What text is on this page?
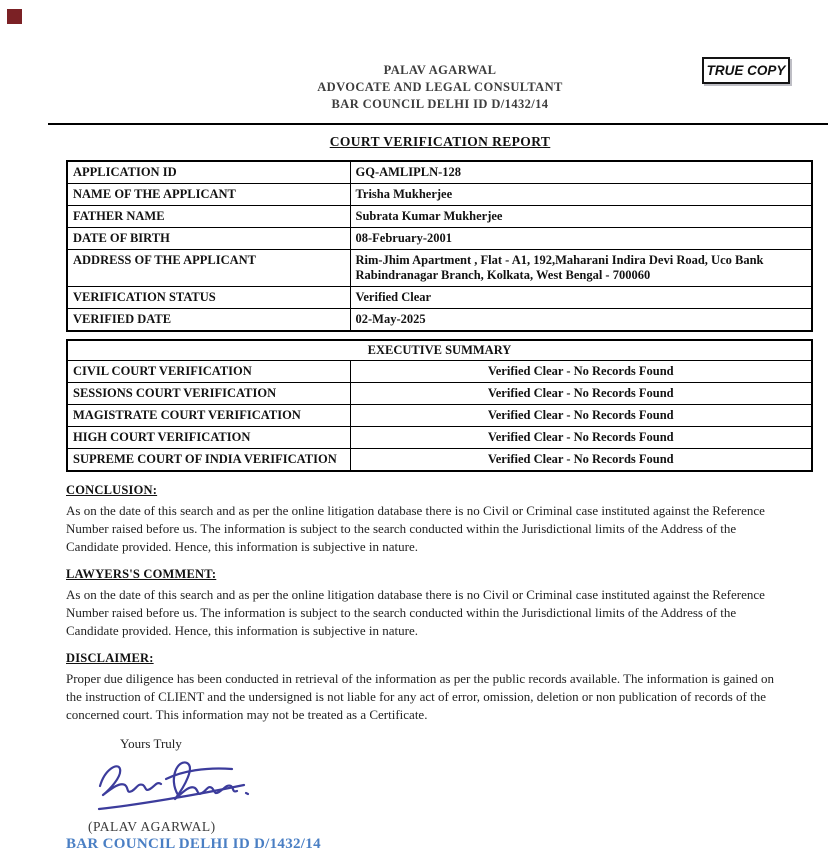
PALAV AGARWAL
ADVOCATE AND LEGAL CONSULTANT
BAR COUNCIL DELHI ID D/1432/14
TRUE COPY
COURT VERIFICATION REPORT
APPLICATION ID	GQ-AMLIPLN-128
NAME OF THE APPLICANT	Trisha Mukherjee
FATHER NAME	Subrata Kumar Mukherjee
DATE OF BIRTH	08-February-2001
ADDRESS OF THE APPLICANT	Rim-Jhim Apartment , Flat - A1, 192,Maharani Indira Devi Road, Uco Bank Rabindranagar Branch, Kolkata, West Bengal - 700060
VERIFICATION STATUS	Verified Clear
VERIFIED DATE	02-May-2025
EXECUTIVE SUMMARY	
CIVIL COURT VERIFICATION	Verified Clear - No Records Found
SESSIONS COURT VERIFICATION	Verified Clear - No Records Found
MAGISTRATE COURT VERIFICATION	Verified Clear - No Records Found
HIGH COURT VERIFICATION	Verified Clear - No Records Found
SUPREME COURT OF INDIA VERIFICATION	Verified Clear - No Records Found
CONCLUSION:

As on the date of this search and as per the online litigation database there is no Civil or Criminal case instituted against the Reference Number raised before us. The information is subject to the search conducted within the Jurisdictional limits of the Address of the Candidate provided. Hence, this information is subjective in nature.

LAWYERS'S COMMENT:

As on the date of this search and as per the online litigation database there is no Civil or Criminal case instituted against the Reference Number raised before us. The information is subject to the search conducted within the Jurisdictional limits of the Address of the Candidate provided. Hence, this information is subjective in nature.

DISCLAIMER:

Proper due diligence has been conducted in retrieval of the information as per the public records available. The information is gained on the instruction of CLIENT and the undersigned is not liable for any act of error, omission, deletion or non publication of records of the concerned court. This information may not be treated as a Certificate.

Yours Truly
(PALAV AGARWAL)
BAR COUNCIL DELHI ID D/1432/14
